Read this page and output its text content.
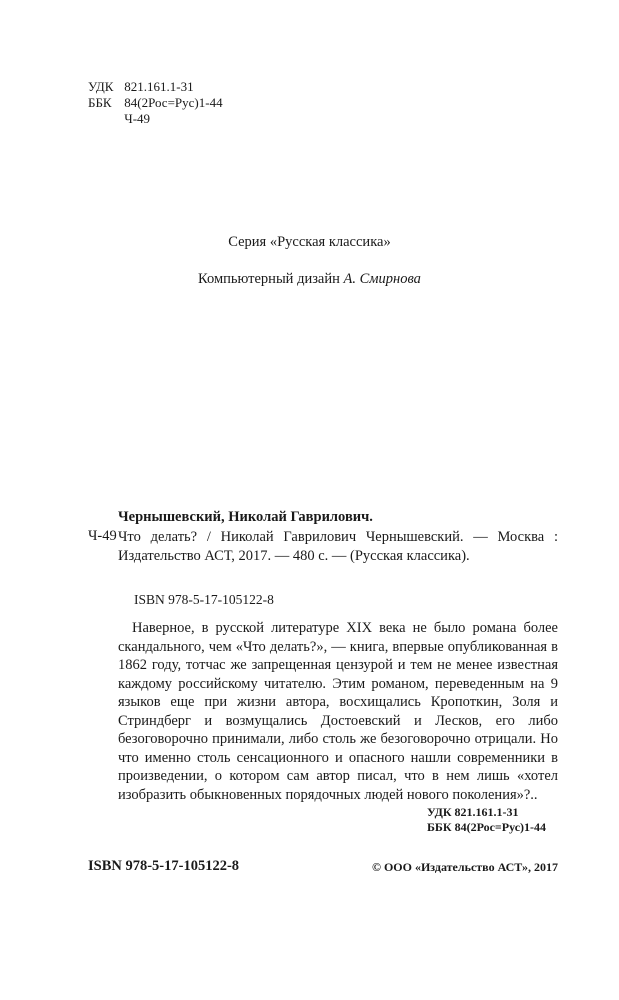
УДК 821.161.1-31
ББК 84(2Рос=Рус)1-44
Ч-49
Серия «Русская классика»
Компьютерный дизайн А. Смирнова
Чернышевский, Николай Гаврилович.
Ч-49 Что делать? / Николай Гаврилович Чернышевский. — Москва : Издательство АСТ, 2017. — 480 с. — (Русская классика).
ISBN 978-5-17-105122-8

Наверное, в русской литературе XIX века не было романа более скандального, чем «Что делать?», — книга, впервые опубликованная в 1862 году, тотчас же запрещенная цензурой и тем не менее известная каждому российскому читателю. Этим романом, переведенным на 9 языков еще при жизни автора, восхищались Кропоткин, Золя и Стриндберг и возмущались Достоевский и Лесков, его либо безоговорочно принимали, либо столь же безоговорочно отрицали. Но что именно столь сенсационного и опасного нашли современники в произведении, о котором сам автор писал, что в нем лишь «хотел изобразить обыкновенных порядочных людей нового поколения»?..

УДК 821.161.1-31
ББК 84(2Рос=Рус)1-44
ISBN 978-5-17-105122-8	© ООО «Издательство АСТ», 2017
